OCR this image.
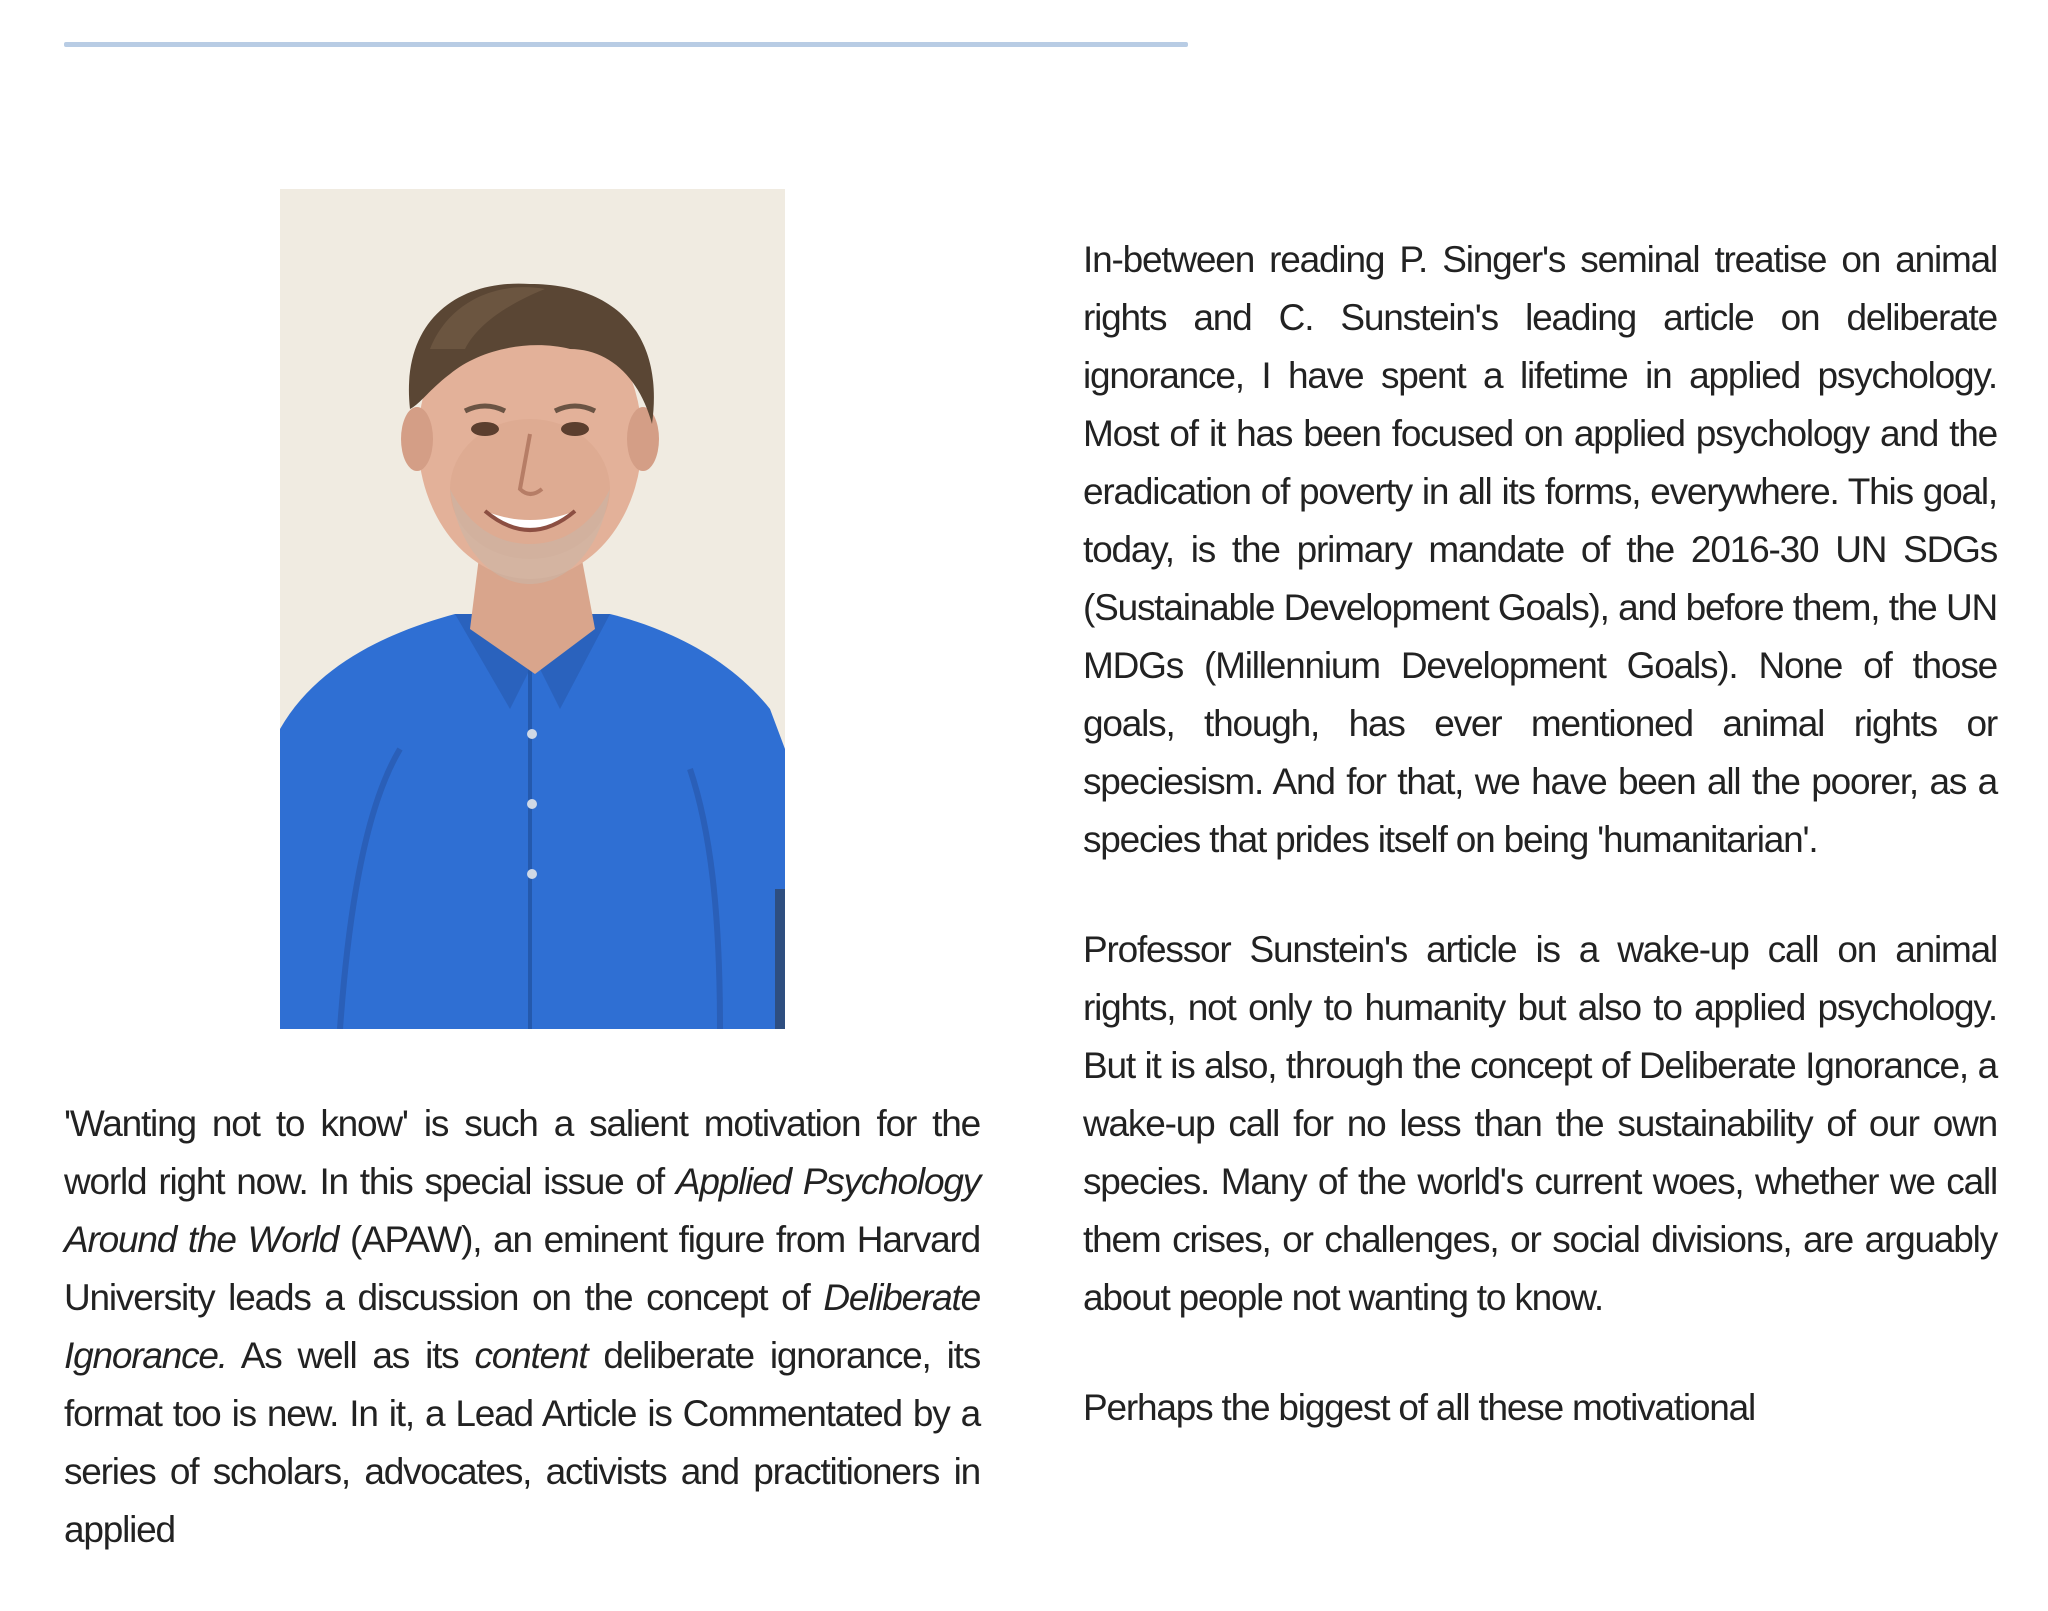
'Wanting not to know' is such a salient motivation for the world right now. In this special issue of Applied Psychology Around the World (APAW), an eminent figure from Harvard University leads a discussion on the concept of Deliberate Ignorance. As well as its content deliberate ignorance, its format too is new. In it, a Lead Article is Commentated by a series of scholars, advocates, activists and practitioners in applied

In-between reading P. Singer's seminal treatise on animal rights and C. Sunstein's leading article on deliberate ignorance, I have spent a lifetime in applied psychology. Most of it has been focused on applied psychology and the eradication of poverty in all its forms, everywhere. This goal, today, is the primary mandate of the 2016-30 UN SDGs (Sustainable Development Goals), and before them, the UN MDGs (Millennium Development Goals). None of those goals, though, has ever mentioned animal rights or speciesism. And for that, we have been all the poorer, as a species that prides itself on being 'humanitarian'.

Professor Sunstein's article is a wake-up call on animal rights, not only to humanity but also to applied psychology. But it is also, through the concept of Deliberate Ignorance, a wake-up call for no less than the sustainability of our own species. Many of the world's current woes, whether we call them crises, or challenges, or social divisions, are arguably about people not wanting to know.

Perhaps the biggest of all these motivational
